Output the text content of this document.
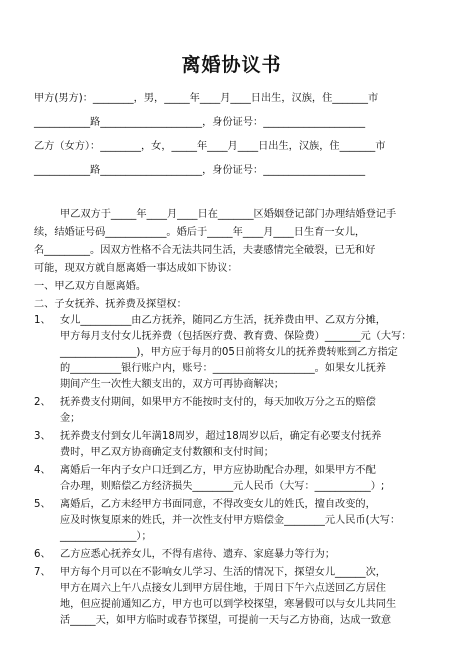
离婚协议书
甲方(男方)：________，男，_____年____月____日出生，汉族，住_______市
___________路____________________，身份证号：____________________
乙方（女方）：________，女，_____年____月____日出生，汉族，住_______市
___________路____________________，身份证号：____________________
甲乙双方于_____年____月____日在_______区婚姻登记部门办理结婚登记手
续，结婚证号码____________。婚后于_____年____月____日生育一女儿，
名_________。因双方性格不合无法共同生活，夫妻感情完全破裂，已无和好
可能，现双方就自愿离婚一事达成如下协议：
一、甲乙双方自愿离婚。
二、子女抚养、抚养费及探望权：
1、 女儿__________由乙方抚养，随同乙方生活，抚养费由甲、乙双方分摊，
甲方每月支付女儿抚养费（包括医疗费、教育费、保险费）_______元（大写：
_______________)，甲方应于每月的05日前将女儿的抚养费转账到乙方指定
的__________银行账户内，账号：____________________。如果女儿抚养
期间产生一次性大额支出的，双方可再协商解决；
2、 抚养费支付期间，如果甲方不能按时支付的，每天加收万分之五的赔偿
金；
3、 抚养费支付到女儿年满18周岁，超过18周岁以后，确定有必要支付抚养
费时，甲乙双方协商确定支付数额和支付时间；
4、 离婚后一年内子女户口迁到乙方，甲方应协助配合办理，如果甲方不配
合办理，则赔偿乙方经济损失________元人民币（大写：___________）;
5、 离婚后，乙方未经甲方书面同意，不得改变女儿的姓氏，擅自改变的，
应及时恢复原来的姓氏，并一次性支付甲方赔偿金________元人民币(大写：
_______________）；
6、 乙方应悉心抚养女儿，不得有虐待、遗弃、家庭暴力等行为；
7、 甲方每个月可以在不影响女儿学习、生活的情况下，探望女儿______次，
甲方在周六上午八点接女儿到甲方居住地，于周日下午六点送回乙方居住
地，但应提前通知乙方，甲方也可以到学校探望，寒暑假可以与女儿共同生
活_____天，如甲方临时或春节探望，可提前一天与乙方协商，达成一致意
